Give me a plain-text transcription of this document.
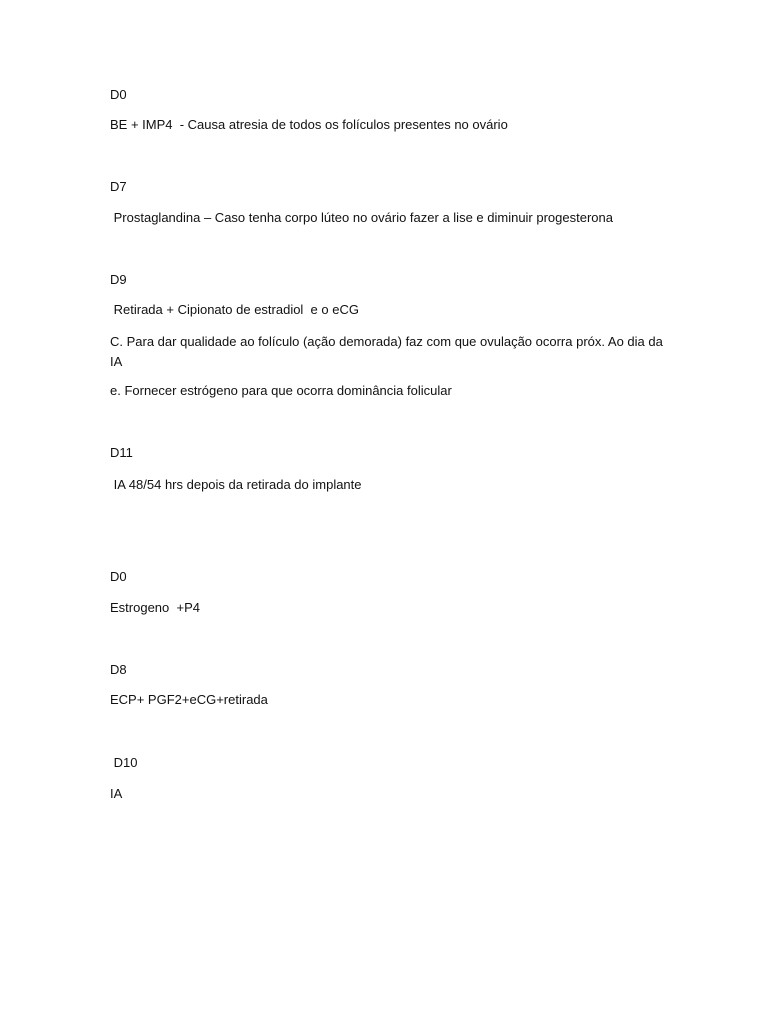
D0

BE + IMP4  - Causa atresia de todos os folículos presentes no ovário

D7

Prostaglandina – Caso tenha corpo lúteo no ovário fazer a lise e diminuir progesterona

D9

Retirada + Cipionato de estradiol  e o eCG

C. Para dar qualidade ao folículo (ação demorada) faz com que ovulação ocorra próx. Ao dia da IA

e. Fornecer estrógeno para que ocorra dominância folicular

D11

IA 48/54 hrs depois da retirada do implante

D0

Estrogeno  +P4

D8

ECP+ PGF2+eCG+retirada

D10

IA
